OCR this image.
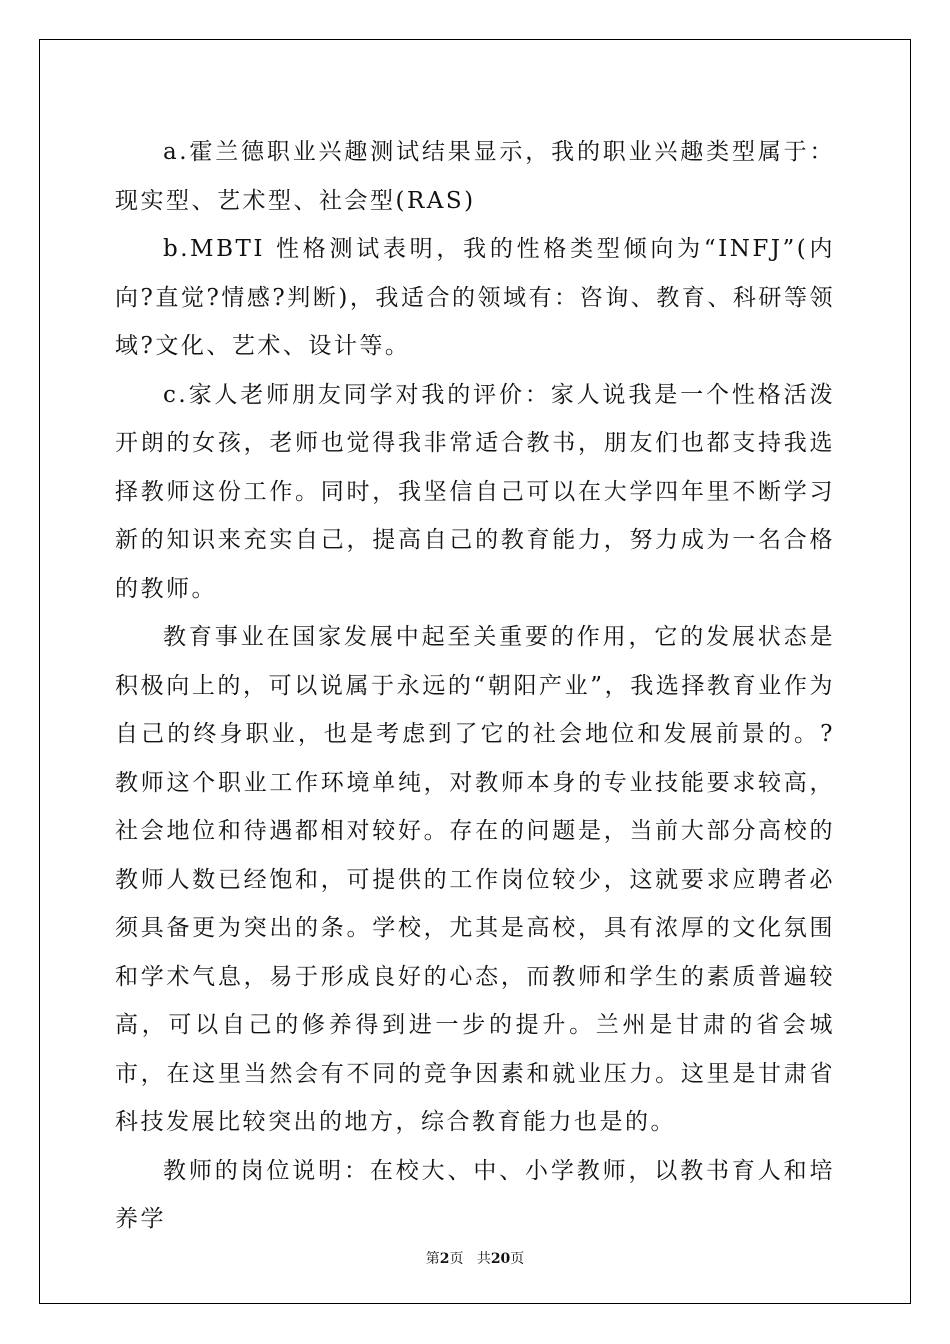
a.霍兰德职业兴趣测试结果显示，我的职业兴趣类型属于：现实型、艺术型、社会型(RAS)

b.MBTI 性格测试表明，我的性格类型倾向为“INFJ”(内向?直觉?情感?判断)，我适合的领域有：咨询、教育、科研等领域?文化、艺术、设计等。

c.家人老师朋友同学对我的评价：家人说我是一个性格活泼开朗的女孩，老师也觉得我非常适合教书，朋友们也都支持我选择教师这份工作。同时，我坚信自己可以在大学四年里不断学习新的知识来充实自己，提高自己的教育能力，努力成为一名合格的教师。

教育事业在国家发展中起至关重要的作用，它的发展状态是积极向上的，可以说属于永远的“朝阳产业”，我选择教育业作为自己的终身职业，也是考虑到了它的社会地位和发展前景的。?教师这个职业工作环境单纯，对教师本身的专业技能要求较高，社会地位和待遇都相对较好。存在的问题是，当前大部分高校的教师人数已经饱和，可提供的工作岗位较少，这就要求应聘者必须具备更为突出的条。学校，尤其是高校，具有浓厚的文化氛围和学术气息，易于形成良好的心态，而教师和学生的素质普遍较高，可以自己的修养得到进一步的提升。兰州是甘肃的省会城市，在这里当然会有不同的竞争因素和就业压力。这里是甘肃省科技发展比较突出的地方，综合教育能力也是的。

教师的岗位说明：在校大、中、小学教师，以教书育人和培养学

第2页 共20页
